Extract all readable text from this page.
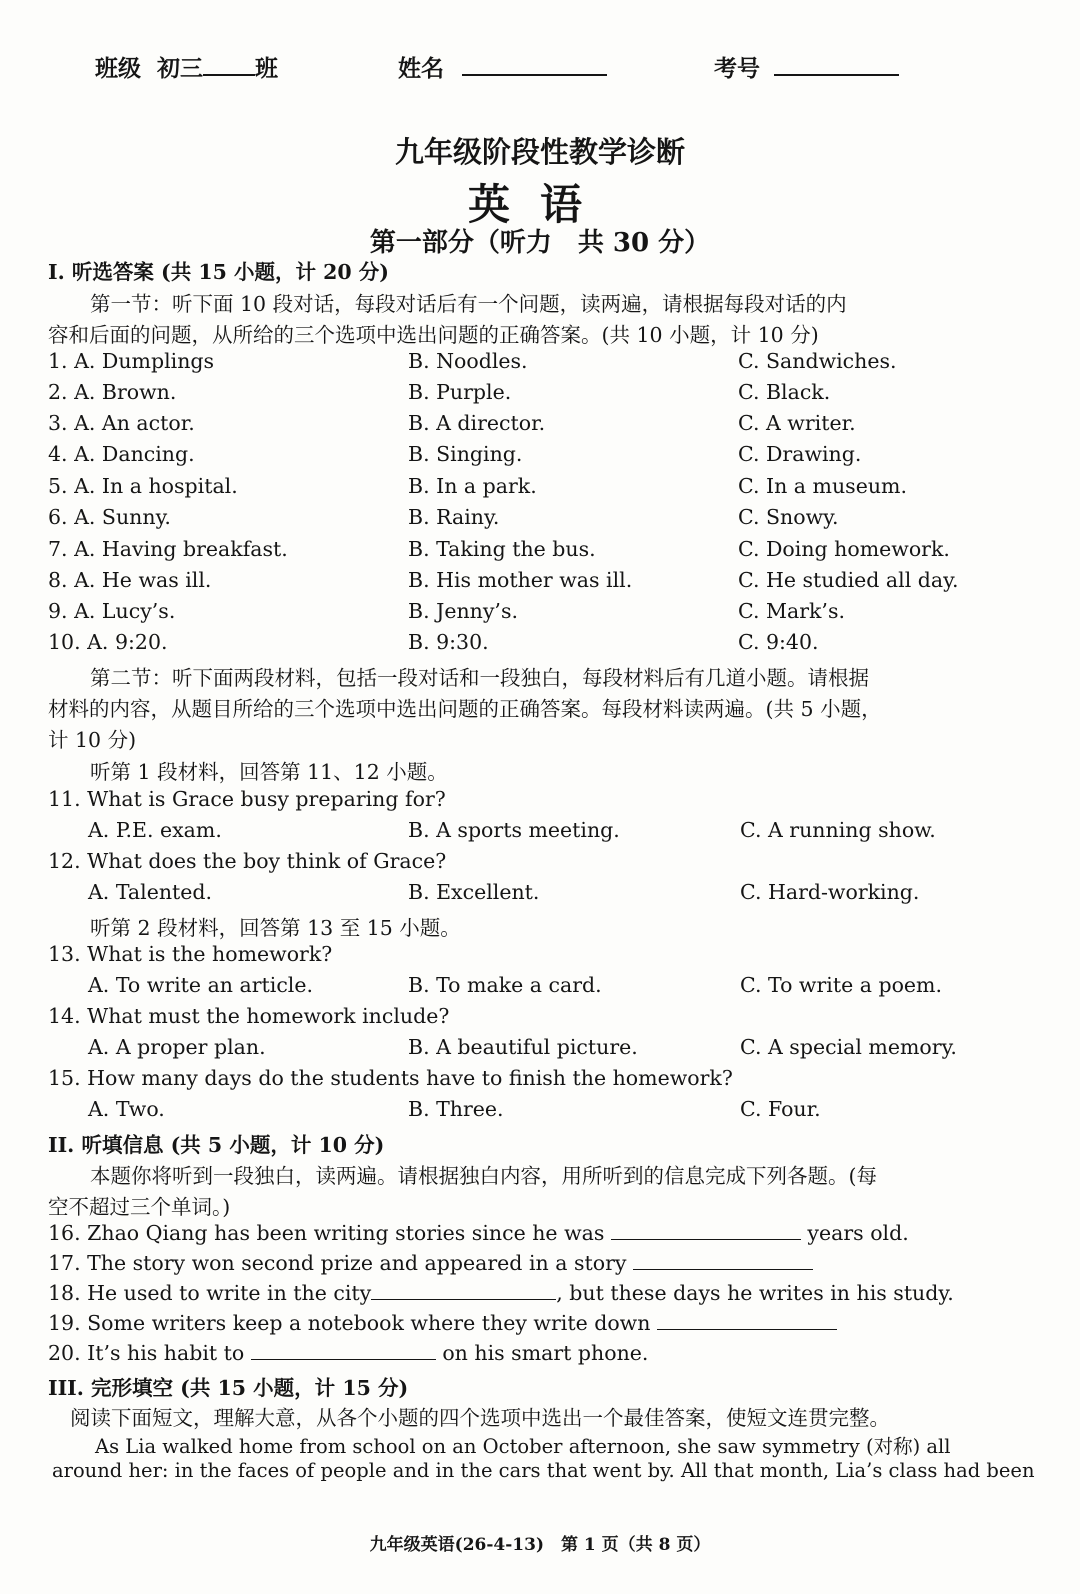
班级 初三 班	姓名	考号
九年级阶段性教学诊断
英语
第一部分（听力　共 30 分）
I. 听选答案 (共 15 小题，计 20 分)
第一节：听下面 10 段对话，每段对话后有一个问题，读两遍，请根据每段对话的内
容和后面的问题，从所给的三个选项中选出问题的正确答案。(共 10 小题，计 10 分)
1. A. Dumplings	B. Noodles.	C. Sandwiches.
2. A. Brown.	B. Purple.	C. Black.
3. A. An actor.	B. A director.	C. A writer.
4. A. Dancing.	B. Singing.	C. Drawing.
5. A. In a hospital.	B. In a park.	C. In a museum.
6. A. Sunny.	B. Rainy.	C. Snowy.
7. A. Having breakfast.	B. Taking the bus.	C. Doing homework.
8. A. He was ill.	B. His mother was ill.	C. He studied all day.
9. A. Lucy’s.	B. Jenny’s.	C. Mark’s.
10. A. 9:20.	B. 9:30.	C. 9:40.
第二节：听下面两段材料，包括一段对话和一段独白，每段材料后有几道小题。请根据
材料的内容，从题目所给的三个选项中选出问题的正确答案。每段材料读两遍。(共 5 小题，
计 10 分)
听第 1 段材料，回答第 11、12 小题。
11. What is Grace busy preparing for?
A. P.E. exam.	B. A sports meeting.	C. A running show.
12. What does the boy think of Grace?
A. Talented.	B. Excellent.	C. Hard-working.
听第 2 段材料，回答第 13 至 15 小题。
13. What is the homework?
A. To write an article.	B. To make a card.	C. To write a poem.
14. What must the homework include?
A. A proper plan.	B. A beautiful picture.	C. A special memory.
15. How many days do the students have to finish the homework?
A. Two.	B. Three.	C. Four.
II. 听填信息 (共 5 小题，计 10 分)
本题你将听到一段独白，读两遍。请根据独白内容，用所听到的信息完成下列各题。(每
空不超过三个单词。)
16. Zhao Qiang has been writing stories since he was	years old.
17. The story won second prize and appeared in a story
18. He used to write in the city	, but these days he writes in his study.
19. Some writers keep a notebook where they write down
20. It’s his habit to	on his smart phone.
III. 完形填空 (共 15 小题，计 15 分)
阅读下面短文，理解大意，从各个小题的四个选项中选出一个最佳答案，使短文连贯完整。
As Lia walked home from school on an October afternoon, she saw symmetry (对称) all
around her: in the faces of people and in the cars that went by. All that month, Lia’s class had been
九年级英语(26-4-13)　第 1 页（共 8 页）
